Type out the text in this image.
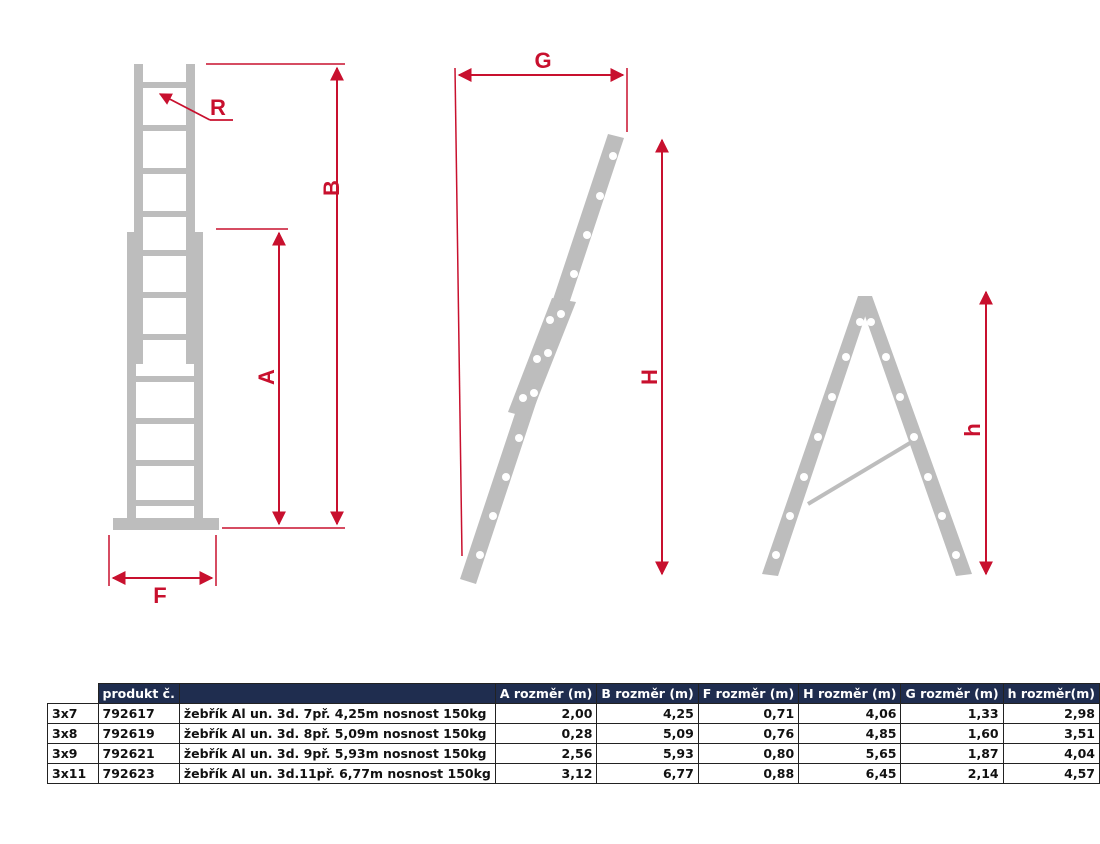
R
B
A
F
G
H
h
	produkt č.		A rozměr (m)	B rozměr (m)	F rozměr (m)	H rozměr (m)	G rozměr (m)	h rozměr(m)
3x7	792617	žebřík Al un. 3d. 7př. 4,25m nosnost 150kg	2,00	4,25	0,71	4,06	1,33	2,98
3x8	792619	žebřík Al un. 3d. 8př. 5,09m nosnost 150kg	0,28	5,09	0,76	4,85	1,60	3,51
3x9	792621	žebřík Al un. 3d. 9př. 5,93m nosnost 150kg	2,56	5,93	0,80	5,65	1,87	4,04
3x11	792623	žebřík Al un. 3d.11př. 6,77m nosnost 150kg	3,12	6,77	0,88	6,45	2,14	4,57
